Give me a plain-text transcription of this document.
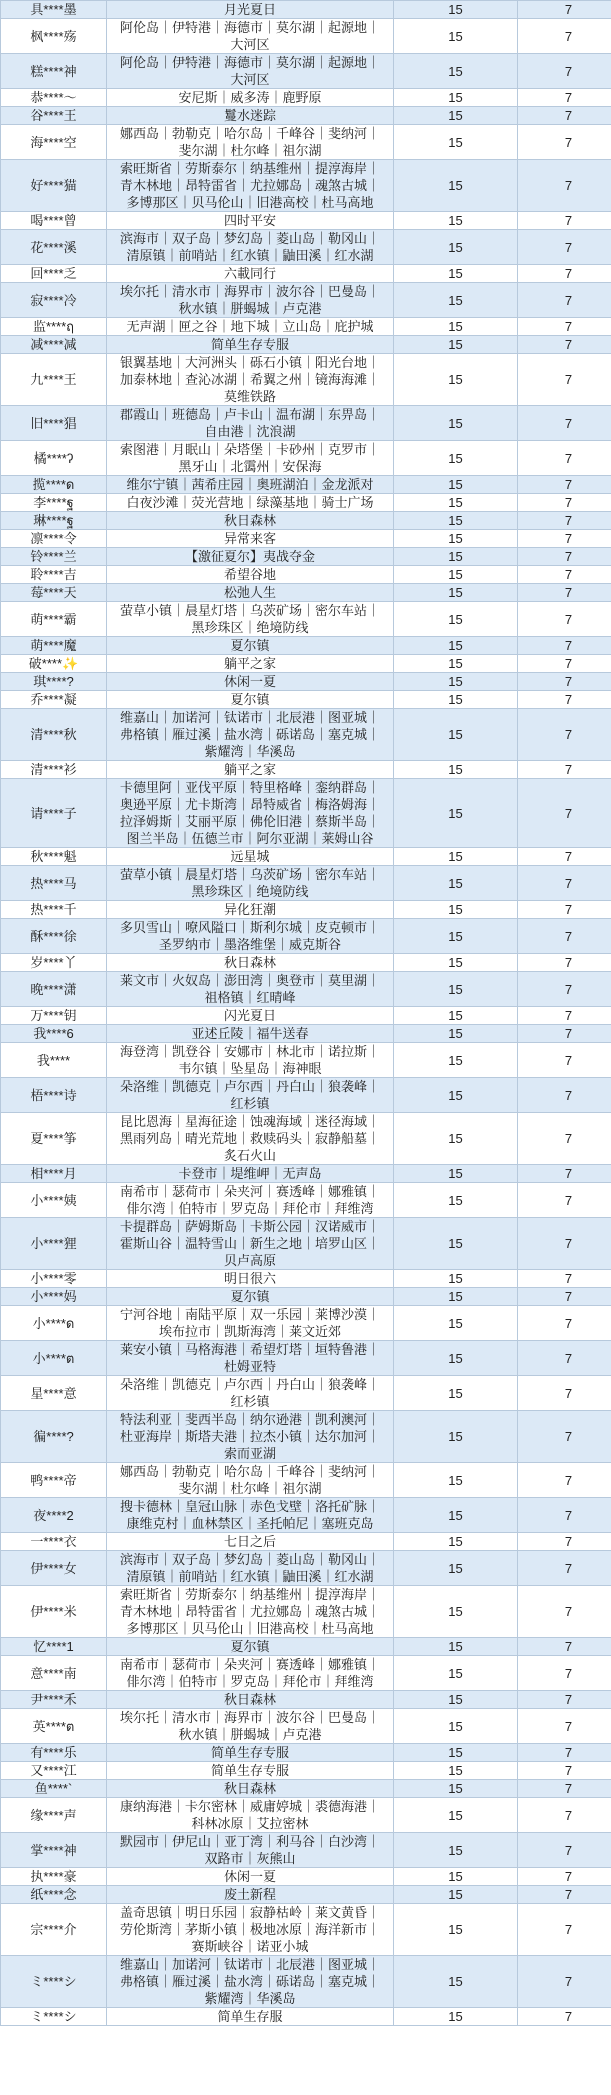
具****墨	月光夏日	15	7
枫****殇	阿伦岛｜伊特港｜海德市｜莫尔湖｜起源地｜
大河区	15	7
糕****神	阿伦岛｜伊特港｜海德市｜莫尔湖｜起源地｜
大河区	15	7
恭****～	安尼斯｜威多涛｜鹿野原	15	7
谷****王	鬘水迷踪	15	7
海****空	娜西岛｜勃勒克｜哈尔岛｜千峰谷｜斐纳河｜
斐尔湖｜杜尔峰｜祖尔湖	15	7
好****猫	索旺斯省｜劳斯泰尔｜纳基维州｜提淳海岸｜
青木林地｜昂特雷省｜尤拉娜岛｜魂煞古城｜
多博那区｜贝马伦山｜旧港高校｜杜马高地	15	7
喝****曾	四时平安	15	7
花****溪	滨海市｜双子岛｜梦幻岛｜菱山岛｜勒冈山｜
清原镇｜前哨站｜红水镇｜鼬田溪｜红水湖	15	7
回****乏	六載同行	15	7
寂****冷	埃尔托｜清水市｜海界市｜波尔谷｜巴曼岛｜
秋水镇｜胼蝎城｜卢克港	15	7
监****ฤ	无声湖｜匣之谷｜地下城｜立山岛｜庇护城	15	7
减****减	简单生存专服	15	7
九****王	银翼基地｜大河洲头｜砾石小镇｜阳光台地｜
加泰林地｜查沁冰湖｜希翼之州｜镜海海滩｜
莫维铁路	15	7
旧****猖	郡霞山｜班德岛｜卢卡山｜温布湖｜东畀岛｜
自由港｜沈浪湖	15	7
橘****ʔ	索图港｜月眠山｜朵塔堡｜卡砂州｜克罗市｜
黑牙山｜北霭州｜安保海	15	7
揽****ด	维尔宁镇｜茜希庄园｜奥班湖泊｜金龙派对	15	7
李****ฐ	白夜沙滩｜荧光营地｜绿藻基地｜骑士广场	15	7
琳****ฐ	秋日森林	15	7
凛****令	异常来客	15	7
铃****兰	【激征夏尔】夷战夺金	15	7
聆****吉	希望谷地	15	7
莓****天	松弛人生	15	7
萌****霸	萤草小镇｜晨星灯塔｜乌茨矿场｜密尔车站｜
黑珍珠区｜绝境防线	15	7
萌****魔	夏尔镇	15	7
破****✨	躺平之家	15	7
琪****?	休闲一夏	15	7
乔****凝	夏尔镇	15	7
清****秋	维嘉山｜加诺河｜钛诺市｜北辰港｜图亚城｜
弗格镇｜雁过溪｜盐水湾｜砾诺岛｜塞克城｜
紫耀湾｜华溪岛	15	7
清****衫	躺平之家	15	7
请****子	卡德里阿｜亚伐平原｜特里格峰｜銮纳群岛｜
奥逊平原｜尤卡斯湾｜昂特威省｜梅洛姆海｜
拉泽姆斯｜艾丽平原｜佛伦旧港｜蔡斯半岛｜
图兰半岛｜伍德兰市｜阿尔亚湖｜莱姆山谷	15	7
秋****魁	远星城	15	7
热****马	萤草小镇｜晨星灯塔｜乌茨矿场｜密尔车站｜
黑珍珠区｜绝境防线	15	7
热****千	异化狂潮	15	7
酥****徐	多贝雪山｜嘹风隘口｜斯利尔城｜皮克顿市｜
圣罗纳市｜墨洛维堡｜威克斯谷	15	7
岁****丫	秋日森林	15	7
晚****潇	莱文市｜火奴岛｜澎田湾｜奥登市｜莫里湖｜
祖格镇｜红晴峰	15	7
万****钥	闪光夏日	15	7
我****6	亚述丘陵｜福牛送春	15	7
我****	海登湾｜凯登谷｜安娜市｜林北市｜诺拉斯｜
韦尔镇｜坠星岛｜海神眼	15	7
梧****诗	朵洛维｜凯德克｜卢尔西｜丹白山｜狼袭峰｜
红杉镇	15	7
夏****筝	昆比恩海｜星海征途｜蚀魂海域｜迷径海域｜
黑雨列岛｜晴光荒地｜救赎码头｜寂静船墓｜
炙石火山	15	7
相****月	卡登市｜堤维岬｜无声岛	15	7
小****姨	南希市｜瑟荷市｜朵夹河｜赛透峰｜娜雅镇｜
俳尔湾｜伯特市｜罗克岛｜拜伦市｜拜维湾	15	7
小****狸	卡提群岛｜萨姆斯岛｜卡斯公园｜汉诺威市｜
霍斯山谷｜温特雪山｜新生之地｜培罗山区｜
贝卢高原	15	7
小****零	明日很六	15	7
小****妈	夏尔镇	15	7
小****ด	宁河谷地｜南陆平原｜双一乐园｜莱博沙漠｜
埃布拉市｜凯斯海湾｜莱文近郊	15	7
小****ต	莱安小镇｜马格海港｜希望灯塔｜垣特鲁港｜
杜姆亚特	15	7
星****意	朵洛维｜凯德克｜卢尔西｜丹白山｜狼袭峰｜
红杉镇	15	7
徧****?	特法利亚｜斐西半岛｜纳尔逊港｜凯利澳河｜
杜亚海岸｜斯塔夫港｜拉杰小镇｜达尔加河｜
索而亚湖	15	7
鸭****帝	娜西岛｜勃勒克｜哈尔岛｜千峰谷｜斐纳河｜
斐尔湖｜杜尔峰｜祖尔湖	15	7
夜****2	搜卡德林｜皇冠山脉｜赤色戈壁｜洛托矿脉｜
康维克村｜血林禁区｜圣托帕尼｜塞班克岛	15	7
一****衣	七日之后	15	7
伊****女	滨海市｜双子岛｜梦幻岛｜菱山岛｜勒冈山｜
清原镇｜前哨站｜红水镇｜鼬田溪｜红水湖	15	7
伊****米	索旺斯省｜劳斯泰尔｜纳基维州｜提淳海岸｜
青木林地｜昂特雷省｜尤拉娜岛｜魂煞古城｜
多博那区｜贝马伦山｜旧港高校｜杜马高地	15	7
忆****1	夏尔镇	15	7
意****南	南希市｜瑟荷市｜朵夹河｜赛透峰｜娜雅镇｜
俳尔湾｜伯特市｜罗克岛｜拜伦市｜拜维湾	15	7
尹****禾	秋日森林	15	7
英****ต	埃尔托｜清水市｜海界市｜波尔谷｜巴曼岛｜
秋水镇｜胼蝎城｜卢克港	15	7
有****乐	简单生存专服	15	7
又****江	简单生存专服	15	7
鱼****`	秋日森林	15	7
缘****声	康纳海港｜卡尔密林｜威庸婷城｜裘德海港｜
科林冰原｜艾拉密林	15	7
掌****神	默园市｜伊尼山｜亚丁湾｜利马谷｜白沙湾｜
双路市｜灰熊山	15	7
执****豪	休闲一夏	15	7
纸****念	废土新程	15	7
宗****介	盖奇思镇｜明日乐园｜寂静枯岭｜莱文黄昏｜
劳伦斯湾｜茅斯小镇｜极地冰原｜海洋新市｜
赛斯峡谷｜诺亚小城	15	7
ミ****シ	维嘉山｜加诺河｜钛诺市｜北辰港｜图亚城｜
弗格镇｜雁过溪｜盐水湾｜砾诺岛｜塞克城｜
紫耀湾｜华溪岛	15	7
ミ****シ	简单生存服	15	7
